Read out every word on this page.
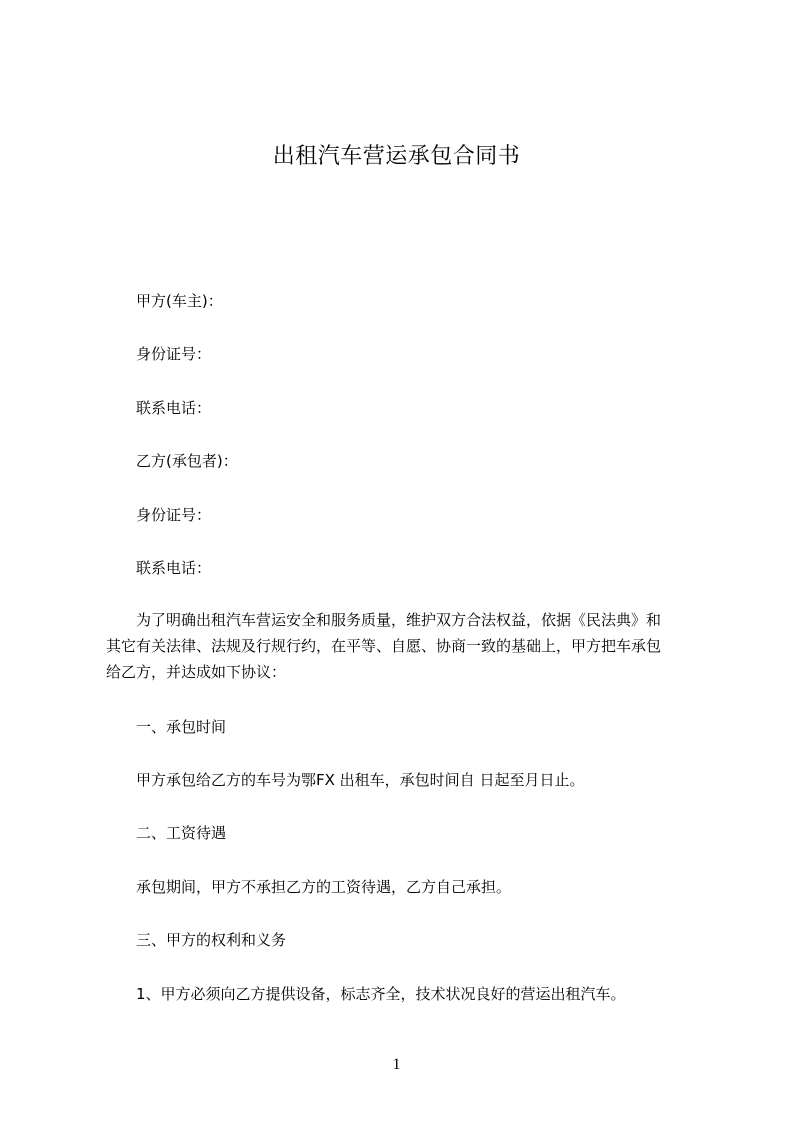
出租汽车营运承包合同书
甲方(车主)：
身份证号：
联系电话：
乙方(承包者)：
身份证号：
联系电话：
为了明确出租汽车营运安全和服务质量，维护双方合法权益，依据《民法典》和
其它有关法律、法规及行规行约，在平等、自愿、协商一致的基础上，甲方把车承包
给乙方，并达成如下协议：
一、承包时间
甲方承包给乙方的车号为鄂FX 出租车，承包时间自 日起至月日止。
二、工资待遇
承包期间，甲方不承担乙方的工资待遇，乙方自己承担。
三、甲方的权利和义务
1、甲方必须向乙方提供设备，标志齐全，技术状况良好的营运出租汽车。
1
